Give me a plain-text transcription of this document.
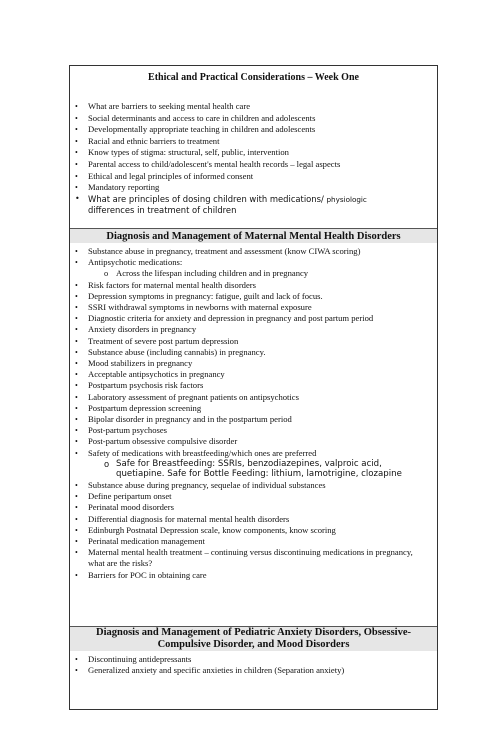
Ethical and Practical Considerations – Week One
• What are barriers to seeking mental health care
• Social determinants and access to care in children and adolescents
• Developmentally appropriate teaching in children and adolescents
• Racial and ethnic barriers to treatment
• Know types of stigma: structural, self, public, intervention
• Parental access to child/adolescent's mental health records – legal aspects
• Ethical and legal principles of informed consent
• Mandatory reporting
• What are principles of dosing children with medications/ physiologic
differences in treatment of children
Diagnosis and Management of Maternal Mental Health Disorders
• Substance abuse in pregnancy, treatment and assessment (know CIWA scoring)
• Antipsychotic medications:
o Across the lifespan including children and in pregnancy
• Risk factors for maternal mental health disorders
• Depression symptoms in pregnancy: fatigue, guilt and lack of focus.
• SSRI withdrawal symptoms in newborns with maternal exposure
• Diagnostic criteria for anxiety and depression in pregnancy and post partum period
• Anxiety disorders in pregnancy
• Treatment of severe post partum depression
• Substance abuse (including cannabis) in pregnancy.
• Mood stabilizers in pregnancy
• Acceptable antipsychotics in pregnancy
• Postpartum psychosis risk factors
• Laboratory assessment of pregnant patients on antipsychotics
• Postpartum depression screening
• Bipolar disorder in pregnancy and in the postpartum period
• Post-partum psychoses
• Post-partum obsessive compulsive disorder
• Safety of medications with breastfeeding/which ones are preferred
o Safe for Breastfeeding: SSRIs, benzodiazepines, valproic acid, quetiapine. Safe for Bottle Feeding: lithium, lamotrigine, clozapine
• Substance abuse during pregnancy, sequelae of individual substances
• Define peripartum onset
• Perinatal mood disorders
• Differential diagnosis for maternal mental health disorders
• Edinburgh Postnatal Depression scale, know components, know scoring
• Perinatal medication management
• Maternal mental health treatment – continuing versus discontinuing medications in pregnancy, what are the risks?
• Barriers for POC in obtaining care
Diagnosis and Management of Pediatric Anxiety Disorders, Obsessive-Compulsive Disorder, and Mood Disorders
• Discontinuing antidepressants
• Generalized anxiety and specific anxieties in children (Separation anxiety)
